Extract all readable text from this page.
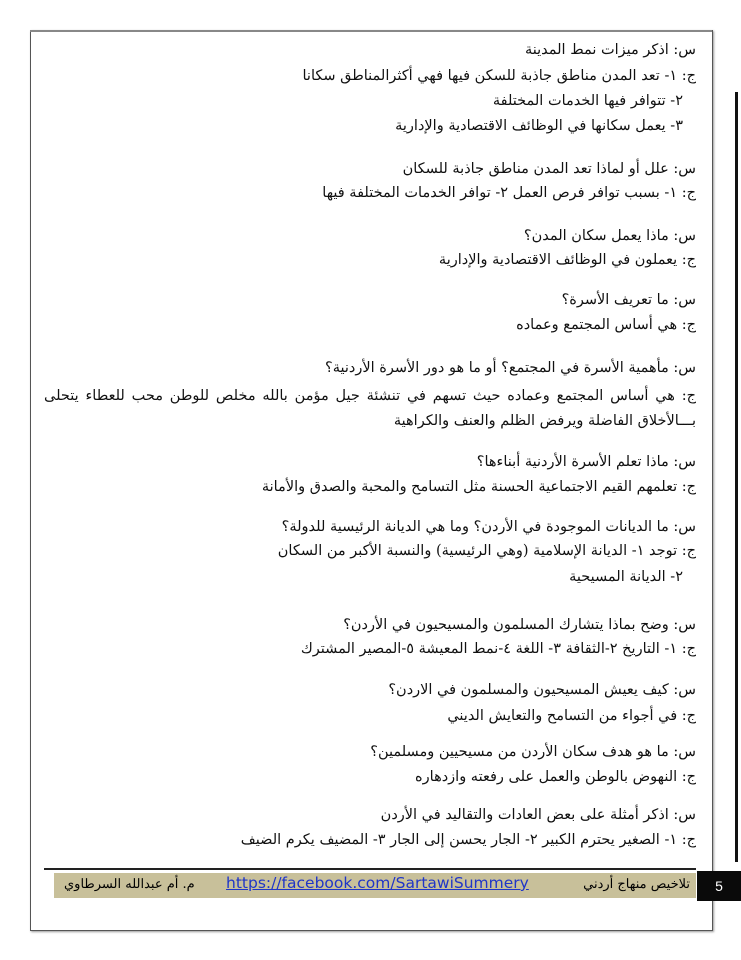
س: اذكر ميزات نمط المدينة
ج: ١- تعد المدن مناطق جاذبة للسكن فيها فهي أكثرالمناطق سكانا
٢- تتوافر فيها الخدمات المختلفة
٣- يعمل سكانها في الوظائف الاقتصادية والإدارية
س: علل أو لماذا تعد المدن مناطق جاذبة للسكان
ج: ١- بسبب توافر فرص العمل ٢- توافر الخدمات المختلفة فيها
س: ماذا يعمل سكان المدن؟
ج: يعملون في الوظائف الاقتصادية والإدارية
س: ما تعريف الأسرة؟
ج: هي أساس المجتمع وعماده
س: مأهمية الأسرة في المجتمع؟ أو ما هو دور الأسرة الأردنية؟
ج: هي أساس المجتمع وعماده حيث تسهم في تنشئة جيل مؤمن بالله مخلص للوطن محب للعطاء يتحلى بـــالأخلاق الفاضلة ويرفض الظلم والعنف والكراهية
س: ماذا تعلم الأسرة الأردنية أبناءها؟
ج: تعلمهم القيم الاجتماعية الحسنة مثل التسامح والمحبة والصدق والأمانة
س: ما الديانات الموجودة في الأردن؟ وما هي الديانة الرئيسية للدولة؟
ج: توجد ١- الديانة الإسلامية (وهي الرئيسية) والنسبة الأكبر من السكان
٢- الديانة المسيحية
س: وضح بماذا يتشارك المسلمون والمسيحيون في الأردن؟
ج: ١- التاريخ ٢-الثقافة ٣- اللغة ٤-نمط المعيشة ٥-المصير المشترك
س: كيف يعيش المسيحيون والمسلمون في الاردن؟
ج: في أجواء من التسامح والتعايش الديني
س: ما هو هدف سكان الأردن من مسيحيين ومسلمين؟
ج: النهوض بالوطن والعمل على رفعته وازدهاره
س: اذكر أمثلة على بعض العادات والتقاليد في الأردن
ج: ١- الصغير يحترم الكبير ٢- الجار يحسن إلى الجار ٣- المضيف يكرم الضيف
م. أم عبدالله السرطاوي https://facebook.com/SartawiSummery	تلاخيص منهاج أردني	5
